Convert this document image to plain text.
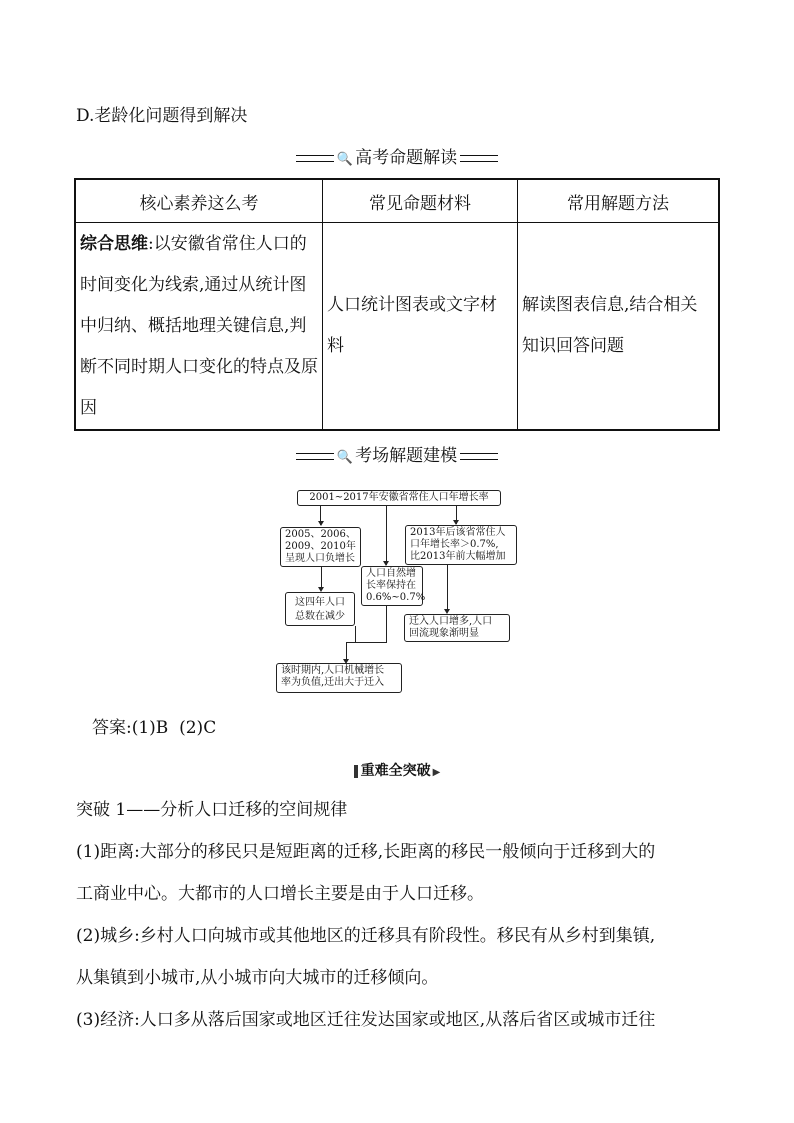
D.老龄化问题得到解决
🔍 高考命题解读
核心素养这么考	常见命题材料	常用解题方法
综合思维:以安徽省常住人口的时间变化为线索,通过从统计图中归纳、概括地理关键信息,判断不同时期人口变化的特点及原因	人口统计图表或文字材料	解读图表信息,结合相关知识回答问题
🔍 考场解题建模
2001~2017年安徽省常住人口年增长率
2005、2006、
2009、2010年
呈现人口负增长
2013年后该省常住人
口年增长率＞0.7%,
比2013年前大幅增加
人口自然增
长率保持在
0.6%~0.7%
这四年人口
总数在减少	迁入人口增多,人口
回流现象渐明显
该时期内,人口机械增长
率为负值,迁出大于迁入
答案:(1)B  (2)C
重难全突破 ▶
突破 1——分析人口迁移的空间规律
(1)距离:大部分的移民只是短距离的迁移,长距离的移民一般倾向于迁移到大的
工商业中心。大都市的人口增长主要是由于人口迁移。
(2)城乡:乡村人口向城市或其他地区的迁移具有阶段性。移民有从乡村到集镇,
从集镇到小城市,从小城市向大城市的迁移倾向。
(3)经济:人口多从落后国家或地区迁往发达国家或地区,从落后省区或城市迁往
